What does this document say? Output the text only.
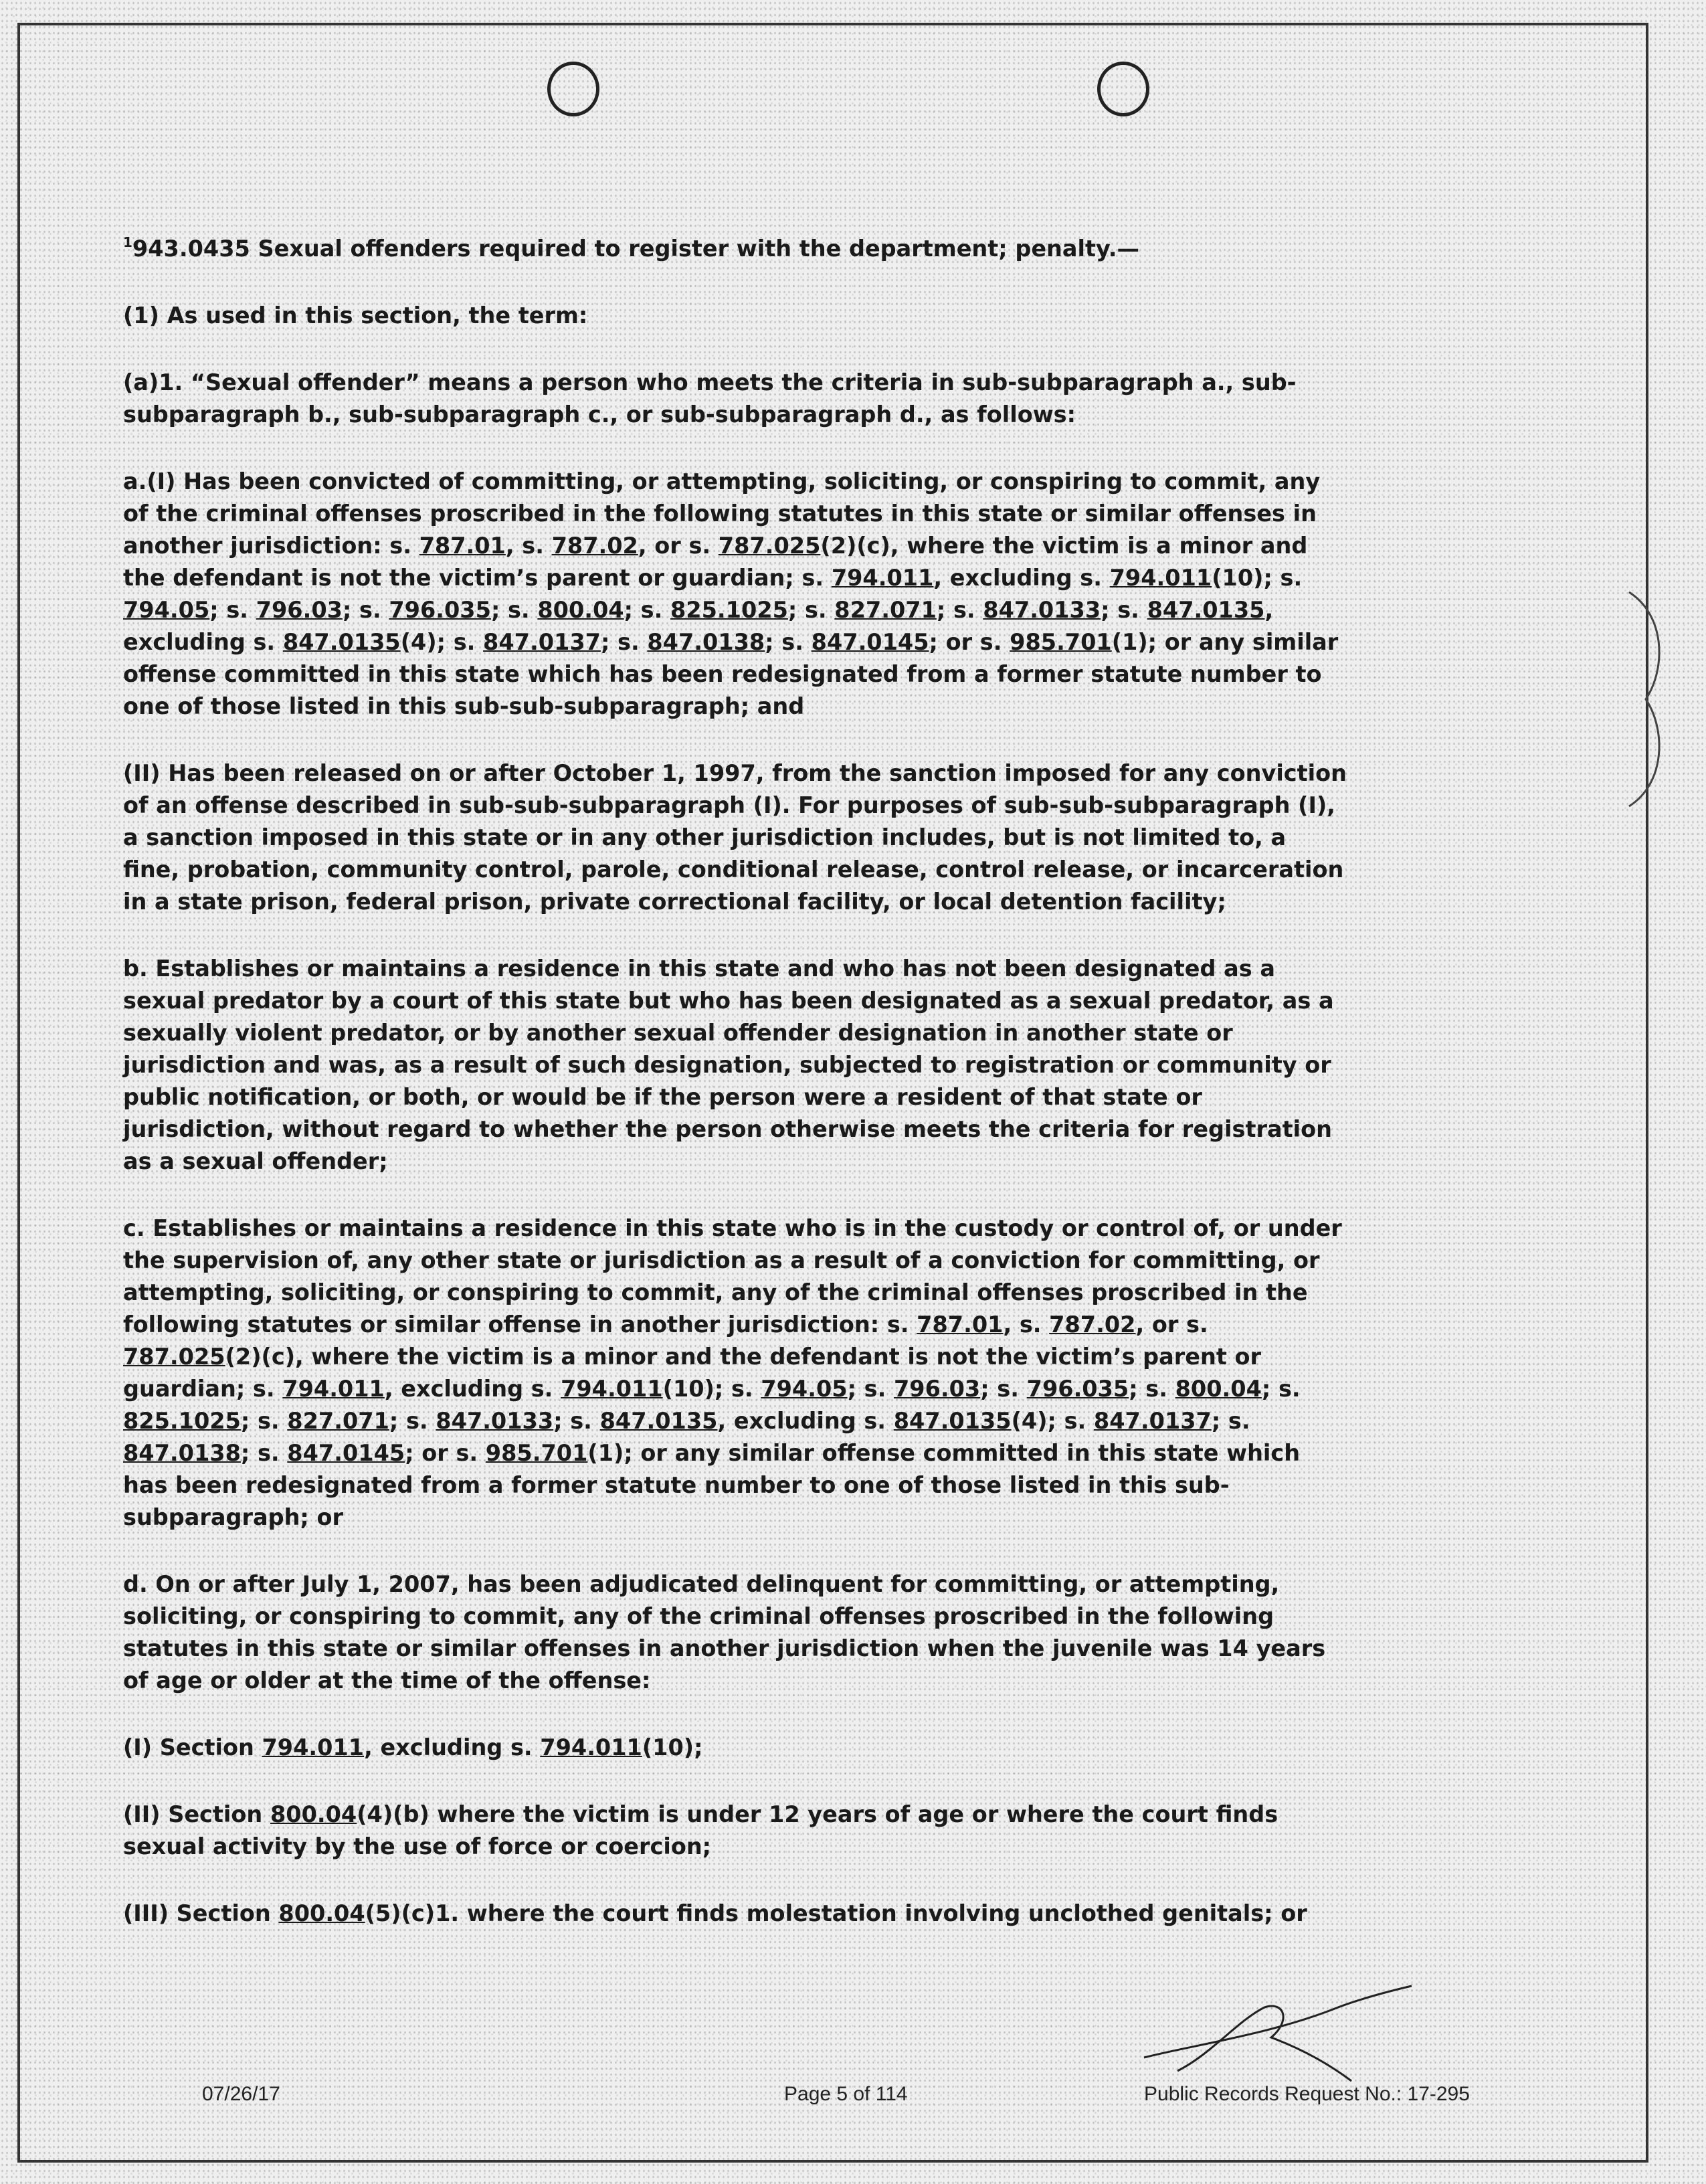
$^1$943.0435 Sexual offenders required to register with the department; penalty.—

(1) As used in this section, the term:

(a)1. “Sexual offender” means a person who meets the criteria in sub-subparagraph a., sub-subparagraph b., sub-subparagraph c., or sub-subparagraph d., as follows:

a.(I) Has been convicted of committing, or attempting, soliciting, or conspiring to commit, any of the criminal offenses proscribed in the following statutes in this state or similar offenses in another jurisdiction: s. 787.01, s. 787.02, or s. 787.025(2)(c), where the victim is a minor and the defendant is not the victim’s parent or guardian; s. 794.011, excluding s. 794.011(10); s. 794.05; s. 796.03; s. 796.035; s. 800.04; s. 825.1025; s. 827.071; s. 847.0133; s. 847.0135, excluding s. 847.0135(4); s. 847.0137; s. 847.0138; s. 847.0145; or s. 985.701(1); or any similar offense committed in this state which has been redesignated from a former statute number to one of those listed in this sub-sub-subparagraph; and

(II) Has been released on or after October 1, 1997, from the sanction imposed for any conviction of an offense described in sub-sub-subparagraph (I). For purposes of sub-sub-subparagraph (I), a sanction imposed in this state or in any other jurisdiction includes, but is not limited to, a fine, probation, community control, parole, conditional release, control release, or incarceration in a state prison, federal prison, private correctional facility, or local detention facility;

b. Establishes or maintains a residence in this state and who has not been designated as a sexual predator by a court of this state but who has been designated as a sexual predator, as a sexually violent predator, or by another sexual offender designation in another state or jurisdiction and was, as a result of such designation, subjected to registration or community or public notification, or both, or would be if the person were a resident of that state or jurisdiction, without regard to whether the person otherwise meets the criteria for registration as a sexual offender;

c. Establishes or maintains a residence in this state who is in the custody or control of, or under the supervision of, any other state or jurisdiction as a result of a conviction for committing, or attempting, soliciting, or conspiring to commit, any of the criminal offenses proscribed in the following statutes or similar offense in another jurisdiction: s. 787.01, s. 787.02, or s. 787.025(2)(c), where the victim is a minor and the defendant is not the victim’s parent or guardian; s. 794.011, excluding s. 794.011(10); s. 794.05; s. 796.03; s. 796.035; s. 800.04; s. 825.1025; s. 827.071; s. 847.0133; s. 847.0135, excluding s. 847.0135(4); s. 847.0137; s. 847.0138; s. 847.0145; or s. 985.701(1); or any similar offense committed in this state which has been redesignated from a former statute number to one of those listed in this sub-subparagraph; or

d. On or after July 1, 2007, has been adjudicated delinquent for committing, or attempting, soliciting, or conspiring to commit, any of the criminal offenses proscribed in the following statutes in this state or similar offenses in another jurisdiction when the juvenile was 14 years of age or older at the time of the offense:

(I) Section 794.011, excluding s. 794.011(10);

(II) Section 800.04(4)(b) where the victim is under 12 years of age or where the court finds sexual activity by the use of force or coercion;

(III) Section 800.04(5)(c)1. where the court finds molestation involving unclothed genitals; or

07/26/17	Page 5 of 114	Public Records Request No.: 17-295
